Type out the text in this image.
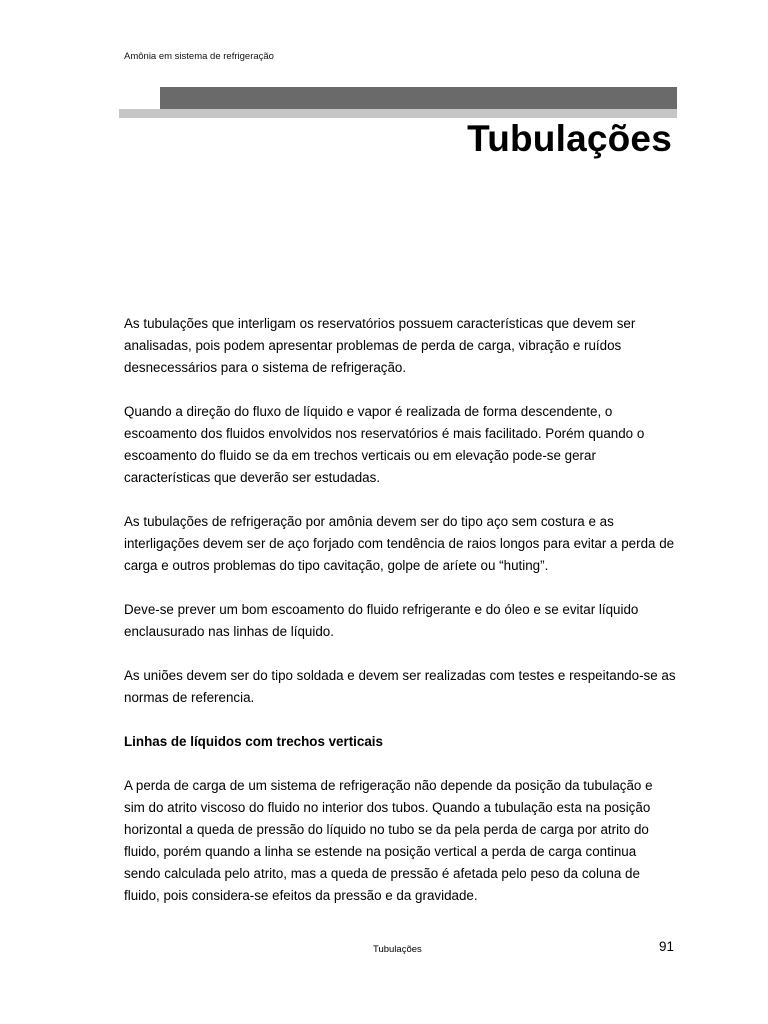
Amônia em sistema de refrigeração
Tubulações

As tubulações que interligam os reservatórios possuem características que devem ser analisadas, pois podem apresentar problemas de perda de carga, vibração e ruídos desnecessários para o sistema de refrigeração.

Quando a direção do fluxo de líquido e vapor é realizada de forma descendente, o escoamento dos fluidos envolvidos nos reservatórios é mais facilitado. Porém quando o escoamento do fluido se da em trechos verticais ou em elevação pode-se gerar características que deverão ser estudadas.

As tubulações de refrigeração por amônia devem ser do tipo aço sem costura e as interligações devem ser de aço forjado com tendência de raios longos para evitar a perda de carga e outros problemas do tipo cavitação, golpe de aríete ou “huting”.

Deve-se prever um bom escoamento do fluido refrigerante e do óleo e se evitar líquido enclausurado nas linhas de líquido.

As uniões devem ser do tipo soldada e devem ser realizadas com testes e respeitando-se as normas de referencia.

Linhas de líquidos com trechos verticais

A perda de carga de um sistema de refrigeração não depende da posição da tubulação e sim do atrito viscoso do fluido no interior dos tubos. Quando a tubulação esta na posição horizontal a queda de pressão do líquido no tubo se da pela perda de carga por atrito do fluido, porém quando a linha se estende na posição vertical a perda de carga continua sendo calculada pelo atrito, mas a queda de pressão é afetada pelo peso da coluna de fluido, pois considera-se efeitos da pressão e da gravidade.

Tubulações	91
